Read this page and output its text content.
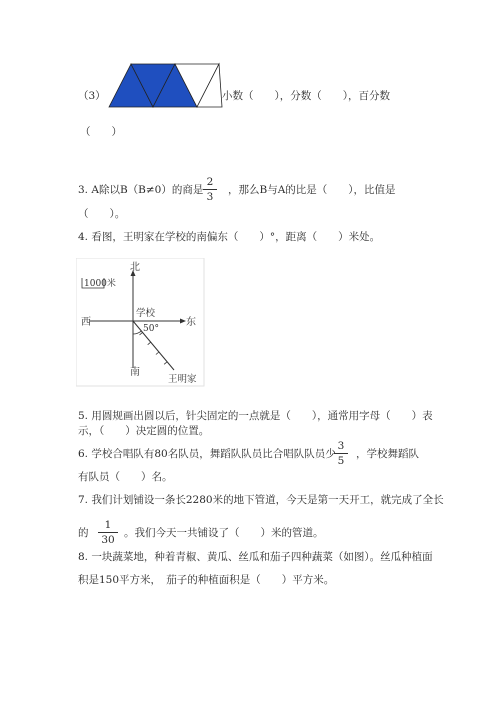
（3）	小数（　　），分数（　　），百分数
（　　）
3. A除以B（B≠0）的商是
2
3
，那么B与A的比是（　　），比值是
（　　）。
4. 看图，王明家在学校的南偏东（　　）°，距离（　　）米处。
北
南
西	东
学校
50°
王明家
1000米
5. 用圆规画出圆以后，针尖固定的一点就是（　　），通常用字母（　　）表
示，（　　）决定圆的位置。
6. 学校合唱队有80名队员，舞蹈队队员比合唱队队员少
3
5
，学校舞蹈队
有队员（　　）名。
7. 我们计划铺设一条长2280米的地下管道，今天是第一天开工，就完成了全长
的
1
30
。我们今天一共铺设了（　　）米的管道。
8. 一块蔬菜地，种着青椒、黄瓜、丝瓜和茄子四种蔬菜（如图）。丝瓜种植面
积是150平方米，　茄子的种植面积是（　　）平方米。
